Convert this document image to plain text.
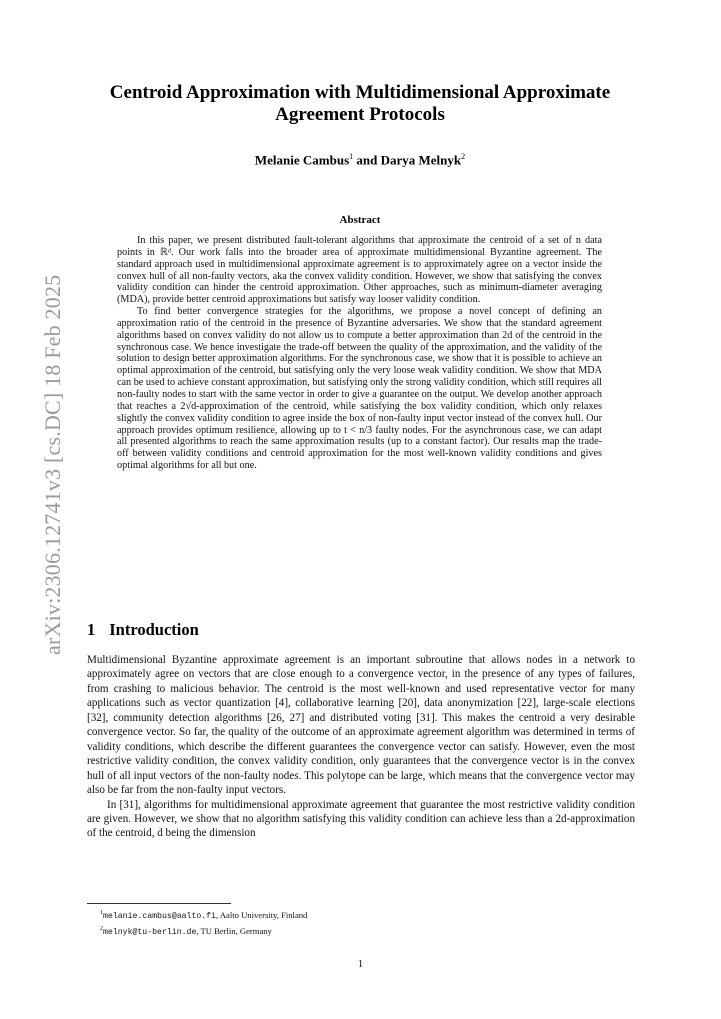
arXiv:2306.12741v3 [cs.DC] 18 Feb 2025
Centroid Approximation with Multidimensional Approximate Agreement Protocols
Melanie Cambus$^1$ and Darya Melnyk$^2$
Abstract

In this paper, we present distributed fault-tolerant algorithms that approximate the centroid of a set of n data points in ℝᵈ. Our work falls into the broader area of approximate multidimensional Byzantine agreement. The standard approach used in multidimensional approximate agreement is to approximately agree on a vector inside the convex hull of all non-faulty vectors, aka the convex validity condition. However, we show that satisfying the convex validity condition can hinder the centroid approximation. Other approaches, such as minimum-diameter averaging (MDA), provide better centroid approximations but satisfy way looser validity condition.

To find better convergence strategies for the algorithms, we propose a novel concept of defining an approximation ratio of the centroid in the presence of Byzantine adversaries. We show that the standard agreement algorithms based on convex validity do not allow us to compute a better approximation than 2d of the centroid in the synchronous case. We hence investigate the trade-off between the quality of the approximation, and the validity of the solution to design better approximation algorithms. For the synchronous case, we show that it is possible to achieve an optimal approximation of the centroid, but satisfying only the very loose weak validity condition. We show that MDA can be used to achieve constant approximation, but satisfying only the strong validity condition, which still requires all non-faulty nodes to start with the same vector in order to give a guarantee on the output. We develop another approach that reaches a 2√d-approximation of the centroid, while satisfying the box validity condition, which only relaxes slightly the convex validity condition to agree inside the box of non-faulty input vector instead of the convex hull. Our approach provides optimum resilience, allowing up to t < n/3 faulty nodes. For the asynchronous case, we can adapt all presented algorithms to reach the same approximation results (up to a constant factor). Our results map the trade-off between validity conditions and centroid approximation for the most well-known validity conditions and gives optimal algorithms for all but one.

1 Introduction

Multidimensional Byzantine approximate agreement is an important subroutine that allows nodes in a network to approximately agree on vectors that are close enough to a convergence vector, in the presence of any types of failures, from crashing to malicious behavior. The centroid is the most well-known and used representative vector for many applications such as vector quantization [4], collaborative learning [20], data anonymization [22], large-scale elections [32], community detection algorithms [26, 27] and distributed voting [31]. This makes the centroid a very desirable convergence vector. So far, the quality of the outcome of an approximate agreement algorithm was determined in terms of validity conditions, which describe the different guarantees the convergence vector can satisfy. However, even the most restrictive validity condition, the convex validity condition, only guarantees that the convergence vector is in the convex hull of all input vectors of the non-faulty nodes. This polytope can be large, which means that the convergence vector may also be far from the non-faulty input vectors.

In [31], algorithms for multidimensional approximate agreement that guarantee the most restrictive validity condition are given. However, we show that no algorithm satisfying this validity condition can achieve less than a 2d-approximation of the centroid, d being the dimension

$^1$melanie.cambus@aalto.fi, Aalto University, Finland
$^2$melnyk@tu-berlin.de, TU Berlin, Germany
1
